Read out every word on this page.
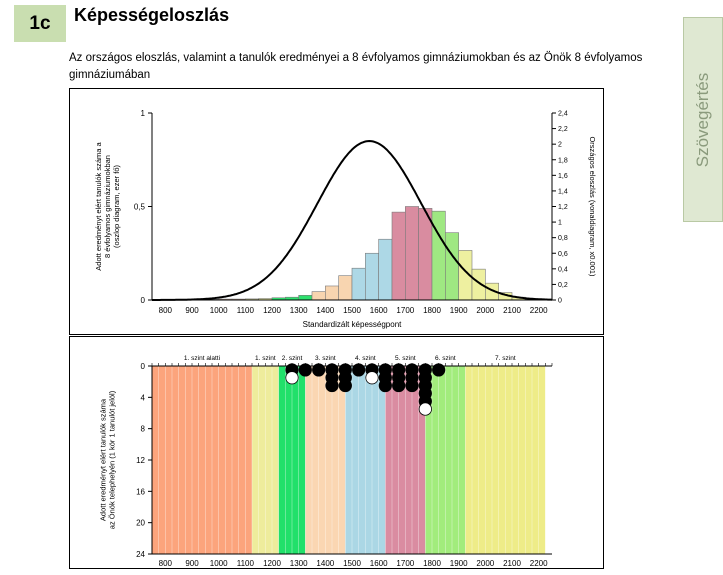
1c Képességeloszlás
Az országos eloszlás, valamint a tanulók eredményei a 8 évfolyamos gimnáziumokban és az Önök 8 évfolyamos gimnáziumában	Szövegértés
0
0,5
1
0
0,2
0,4
0,6
0,8
1
1,2
1,4
1,6
1,8
2
2,2
2,4
800 900 1000 1100 1200 1300 1400 1500 1600 1700 1800 1900 2000 2100 2200
Standardizált képességpont
Adott eredményt elért tanulók száma a 8 évfolyamos gimnáziumokban (oszlop diagram, ezer fő)	Országos eloszlás (vonaldiagram, x0.001)
1. szint alatti	1. szint 2. szint 3. szint	4. szint	5. szint	6. szint	7. szint
0
4
8
12
16
20
24
800 900 1000 1100 1200 1300 1400 1500 1600 1700 1800 1900 2000 2100 2200
Adott eredményt elért tanulók száma az Önök telephelyén (1 kör 1 tanulót jelöl)
